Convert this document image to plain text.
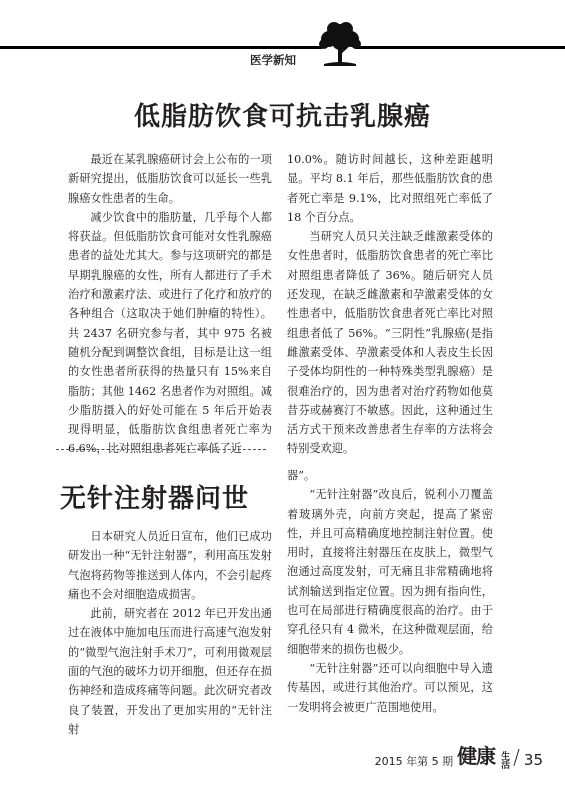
医学新知
低脂肪饮食可抗击乳腺癌

最近在某乳腺癌研讨会上公布的一项新研究提出，低脂肪饮食可以延长一些乳腺癌女性患者的生命。

减少饮食中的脂肪量，几乎每个人都将获益。但低脂肪饮食可能对女性乳腺癌患者的益处尤其大。参与这项研究的都是早期乳腺癌的女性，所有人都进行了手术治疗和激素疗法、或进行了化疗和放疗的各种组合（这取决于她们肿瘤的特性）。共 2437 名研究参与者，其中 975 名被随机分配到调整饮食组，目标是让这一组的女性患者所获得的热量只有 15%来自脂肪；其他 1462 名患者作为对照组。减少脂肪摄入的好处可能在 5 年后开始表现得明显，低脂肪饮食组患者死亡率为 6.6%，比对照组患者死亡率低了近

10.0%。随访时间越长，这种差距越明显。平均 8.1 年后，那些低脂肪饮食的患者死亡率是 9.1%，比对照组死亡率低了 18 个百分点。

当研究人员只关注缺乏雌激素受体的女性患者时，低脂肪饮食患者的死亡率比对照组患者降低了 36%。随后研究人员还发现，在缺乏雌激素和孕激素受体的女性患者中，低脂肪饮食患者死亡率比对照组患者低了 56%。“三阴性”乳腺癌(是指雌激素受体、孕激素受体和人表皮生长因子受体均阴性的一种特殊类型乳腺癌）是很难治疗的，因为患者对治疗药物如他莫昔芬或赫赛汀不敏感。因此，这种通过生活方式干预来改善患者生存率的方法将会特别受欢迎。

无针注射器问世

日本研究人员近日宣布，他们已成功研发出一种“无针注射器”，利用高压发射气泡将药物等推送到人体内，不会引起疼痛也不会对细胞造成损害。

此前，研究者在 2012 年已开发出通过在液体中施加电压而进行高速气泡发射的“微型气泡注射手术刀”，可利用微观层面的气泡的破坏力切开细胞，但还存在损伤神经和造成疼痛等问题。此次研究者改良了装置，开发出了更加实用的“无针注射

器”。

“无针注射器”改良后，锐利小刀覆盖着玻璃外壳，向前方突起，提高了紧密性，并且可高精确度地控制注射位置。使用时，直接将注射器压在皮肤上，微型气泡通过高度发射，可无痛且非常精确地将试剂输送到指定位置。因为拥有指向性，也可在局部进行精确度很高的治疗。由于穿孔径只有 4 微米，在这种微观层面，给细胞带来的损伤也极少。

“无针注射器”还可以向细胞中导入遗传基因，或进行其他治疗。可以预见，这一发明将会被更广范围地使用。

2015 年第 5 期 健康 生活 / 35
